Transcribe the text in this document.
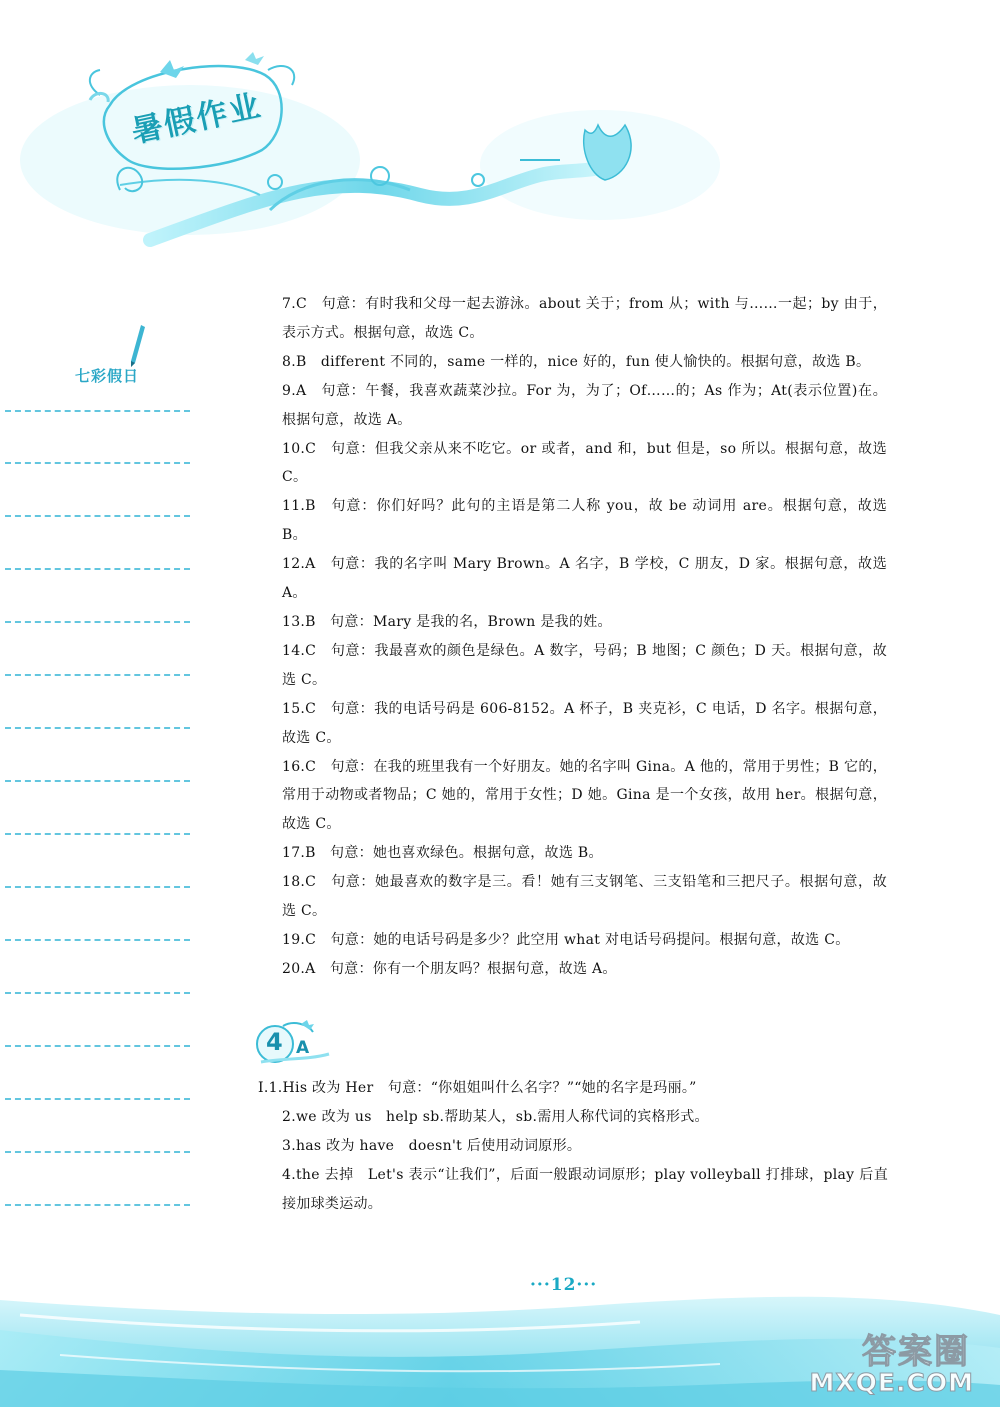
暑假作业
七彩假日

7.C　句意：有时我和父母一起去游泳。about 关于；from 从；with 与……一起；by 由于，表示方式。根据句意，故选 C。

8.B　different 不同的，same 一样的，nice 好的，fun 使人愉快的。根据句意，故选 B。

9.A　句意：午餐，我喜欢蔬菜沙拉。For 为，为了；Of……的；As 作为；At(表示位置)在。根据句意，故选 A。

10.C　句意：但我父亲从来不吃它。or 或者，and 和，but 但是，so 所以。根据句意，故选 C。

11.B　句意：你们好吗？此句的主语是第二人称 you，故 be 动词用 are。根据句意，故选 B。

12.A　句意：我的名字叫 Mary Brown。A 名字，B 学校，C 朋友，D 家。根据句意，故选 A。

13.B　句意：Mary 是我的名，Brown 是我的姓。

14.C　句意：我最喜欢的颜色是绿色。A 数字，号码；B 地图；C 颜色；D 天。根据句意，故选 C。

15.C　句意：我的电话号码是 606-8152。A 杯子，B 夹克衫，C 电话，D 名字。根据句意，故选 C。

16.C　句意：在我的班里我有一个好朋友。她的名字叫 Gina。A 他的，常用于男性；B 它的，常用于动物或者物品；C 她的，常用于女性；D 她。Gina 是一个女孩，故用 her。根据句意，故选 C。

17.B　句意：她也喜欢绿色。根据句意，故选 B。

18.C　句意：她最喜欢的数字是三。看！她有三支钢笔、三支铅笔和三把尺子。根据句意，故选 C。

19.C　句意：她的电话号码是多少？此空用 what 对电话号码提问。根据句意，故选 C。

20.A　句意：你有一个朋友吗？根据句意，故选 A。

4 A

Ⅰ.1.His 改为 Her　句意：“你姐姐叫什么名字？”“她的名字是玛丽。”

2.we 改为 us　help sb.帮助某人，sb.需用人称代词的宾格形式。

3.has 改为 have　doesn't 后使用动词原形。

4.the 去掉　Let's 表示“让我们”，后面一般跟动词原形；play volleyball 打排球，play 后直接加球类运动。

···12···
答案圈
MXQE.COM
